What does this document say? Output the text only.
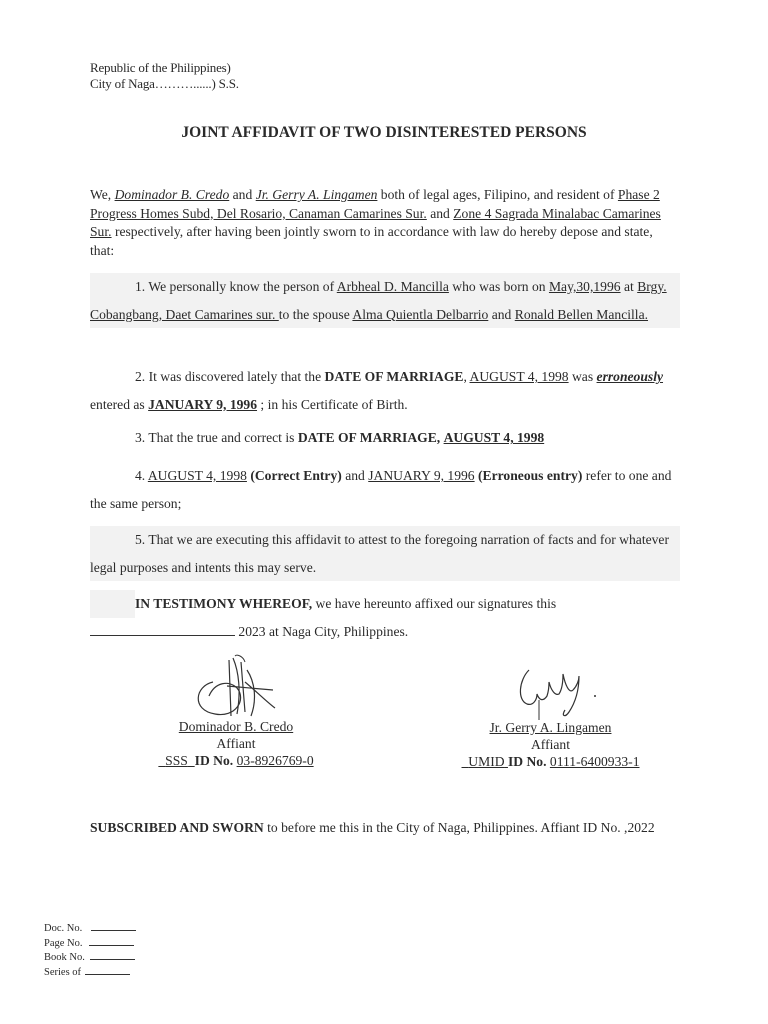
Republic of the Philippines)
City of Naga………......) S.S.
JOINT AFFIDAVIT OF TWO DISINTERESTED PERSONS
We, Dominador B. Credo and Jr. Gerry A. Lingamen both of legal ages, Filipino, and resident of Phase 2 Progress Homes Subd, Del Rosario, Canaman Camarines Sur. and Zone 4 Sagrada Minalabac Camarines Sur. respectively, after having been jointly sworn to in accordance with law do hereby depose and state, that:
1. We personally know the person of Arbheal D. Mancilla who was born on May,30,1996 at Brgy. Cobangbang, Daet Camarines sur. to the spouse Alma Quientla Delbarrio and Ronald Bellen Mancilla.
2. It was discovered lately that the DATE OF MARRIAGE, AUGUST 4, 1998 was erroneously entered as JANUARY 9, 1996 ; in his Certificate of Birth.
3. That the true and correct is DATE OF MARRIAGE, AUGUST 4, 1998
4. AUGUST 4, 1998 (Correct Entry) and JANUARY 9, 1996 (Erroneous entry) refer to one and the same person;
5. That we are executing this affidavit to attest to the foregoing narration of facts and for whatever legal purposes and intents this may serve.
IN TESTIMONY WHEREOF, we have hereunto affixed our signatures this
2023 at Naga City, Philippines.
Dominador B. Credo
Affiant
SSS ID No. 03-8926769-0
Jr. Gerry A. Lingamen
Affiant
UMID ID No. 0111-6400933-1
SUBSCRIBED AND SWORN to before me this in the City of Naga, Philippines. Affiant ID No. ,2022
Doc. No.
Page No.
Book No.
Series of
